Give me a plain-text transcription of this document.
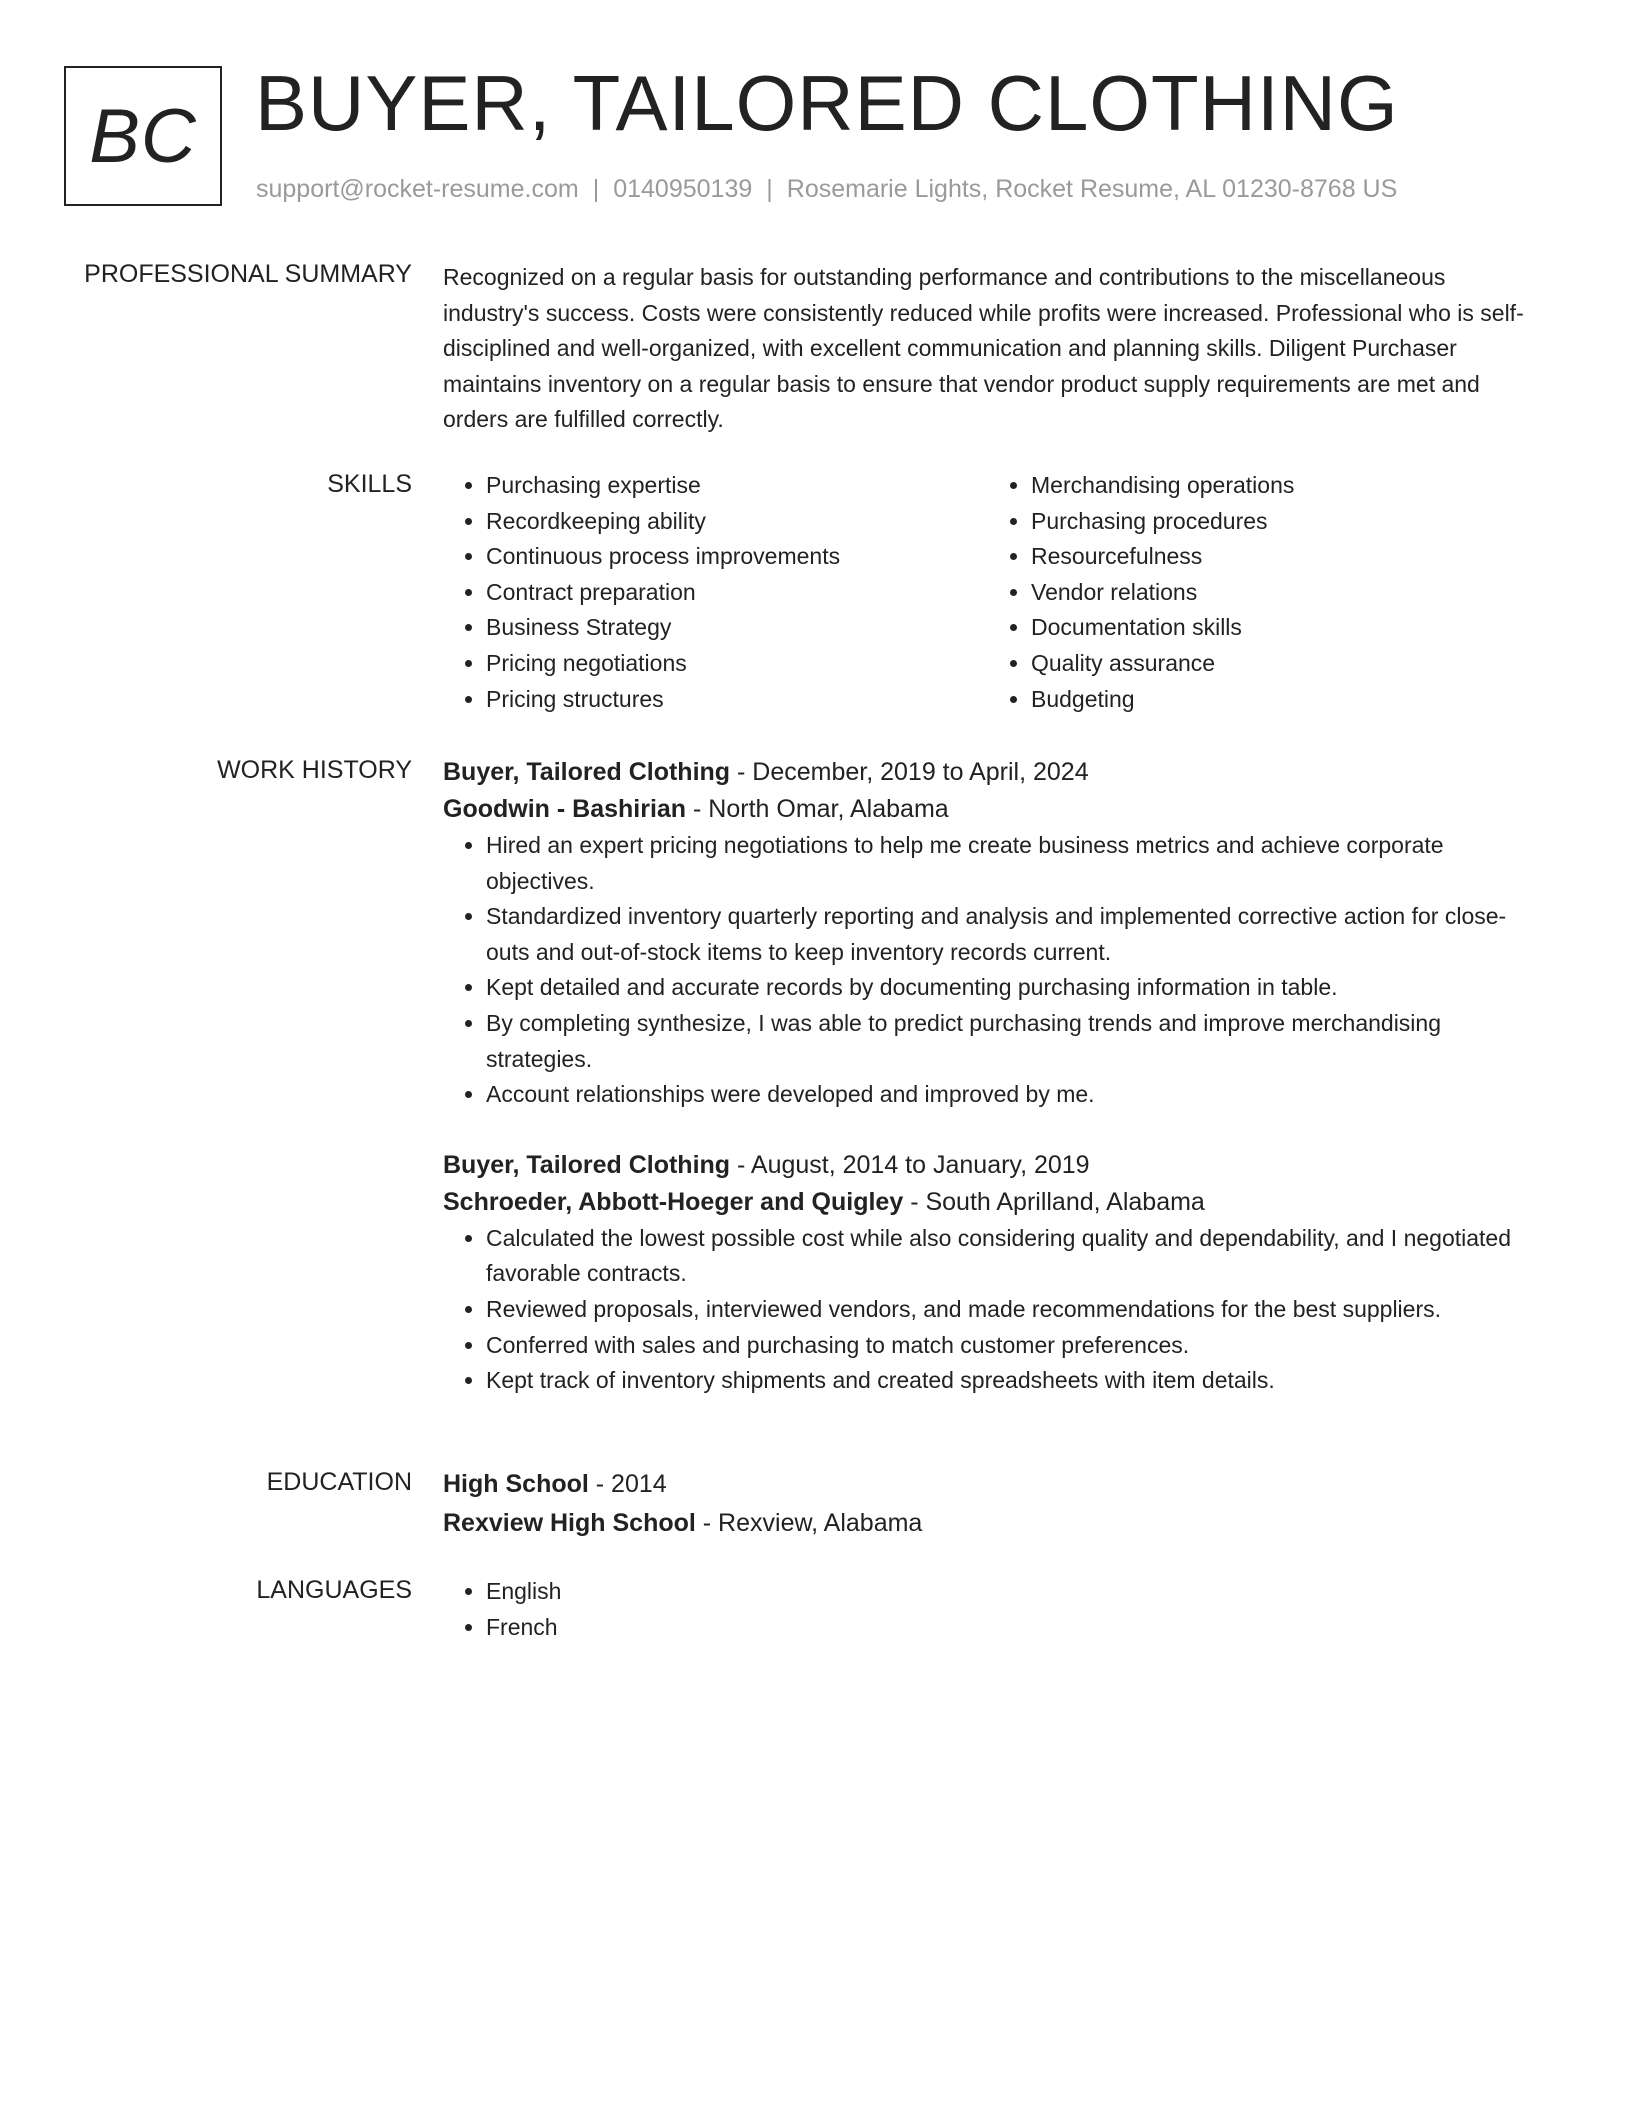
BC BUYER, TAILORED CLOTHING
support@rocket-resume.com | 0140950139 | Rosemarie Lights, Rocket Resume, AL 01230-8768 US
PROFESSIONAL SUMMARY Recognized on a regular basis for outstanding performance and contributions to the miscellaneous industry's success. Costs were consistently reduced while profits were increased. Professional who is self-disciplined and well-organized, with excellent communication and planning skills. Diligent Purchaser maintains inventory on a regular basis to ensure that vendor product supply requirements are met and orders are fulfilled correctly.
SKILLS	• Purchasing expertise
• Recordkeeping ability
• Continuous process improvements
• Contract preparation
• Business Strategy
• Pricing negotiations
• Pricing structures
• Merchandising operations
• Purchasing procedures
• Resourcefulness
• Vendor relations
• Documentation skills
• Quality assurance
• Budgeting
WORK HISTORY Buyer, Tailored Clothing - December, 2019 to April, 2024
Goodwin - Bashirian - North Omar, Alabama
• Hired an expert pricing negotiations to help me create business metrics and achieve corporate objectives.
• Standardized inventory quarterly reporting and analysis and implemented corrective action for close-outs and out-of-stock items to keep inventory records current.
• Kept detailed and accurate records by documenting purchasing information in table.
• By completing synthesize, I was able to predict purchasing trends and improve merchandising strategies.
• Account relationships were developed and improved by me.
Buyer, Tailored Clothing - August, 2014 to January, 2019
Schroeder, Abbott-Hoeger and Quigley - South Aprilland, Alabama
• Calculated the lowest possible cost while also considering quality and dependability, and I negotiated favorable contracts.
• Reviewed proposals, interviewed vendors, and made recommendations for the best suppliers.
• Conferred with sales and purchasing to match customer preferences.
• Kept track of inventory shipments and created spreadsheets with item details.
EDUCATION High School - 2014
Rexview High School - Rexview, Alabama
LANGUAGES	• English
• French
